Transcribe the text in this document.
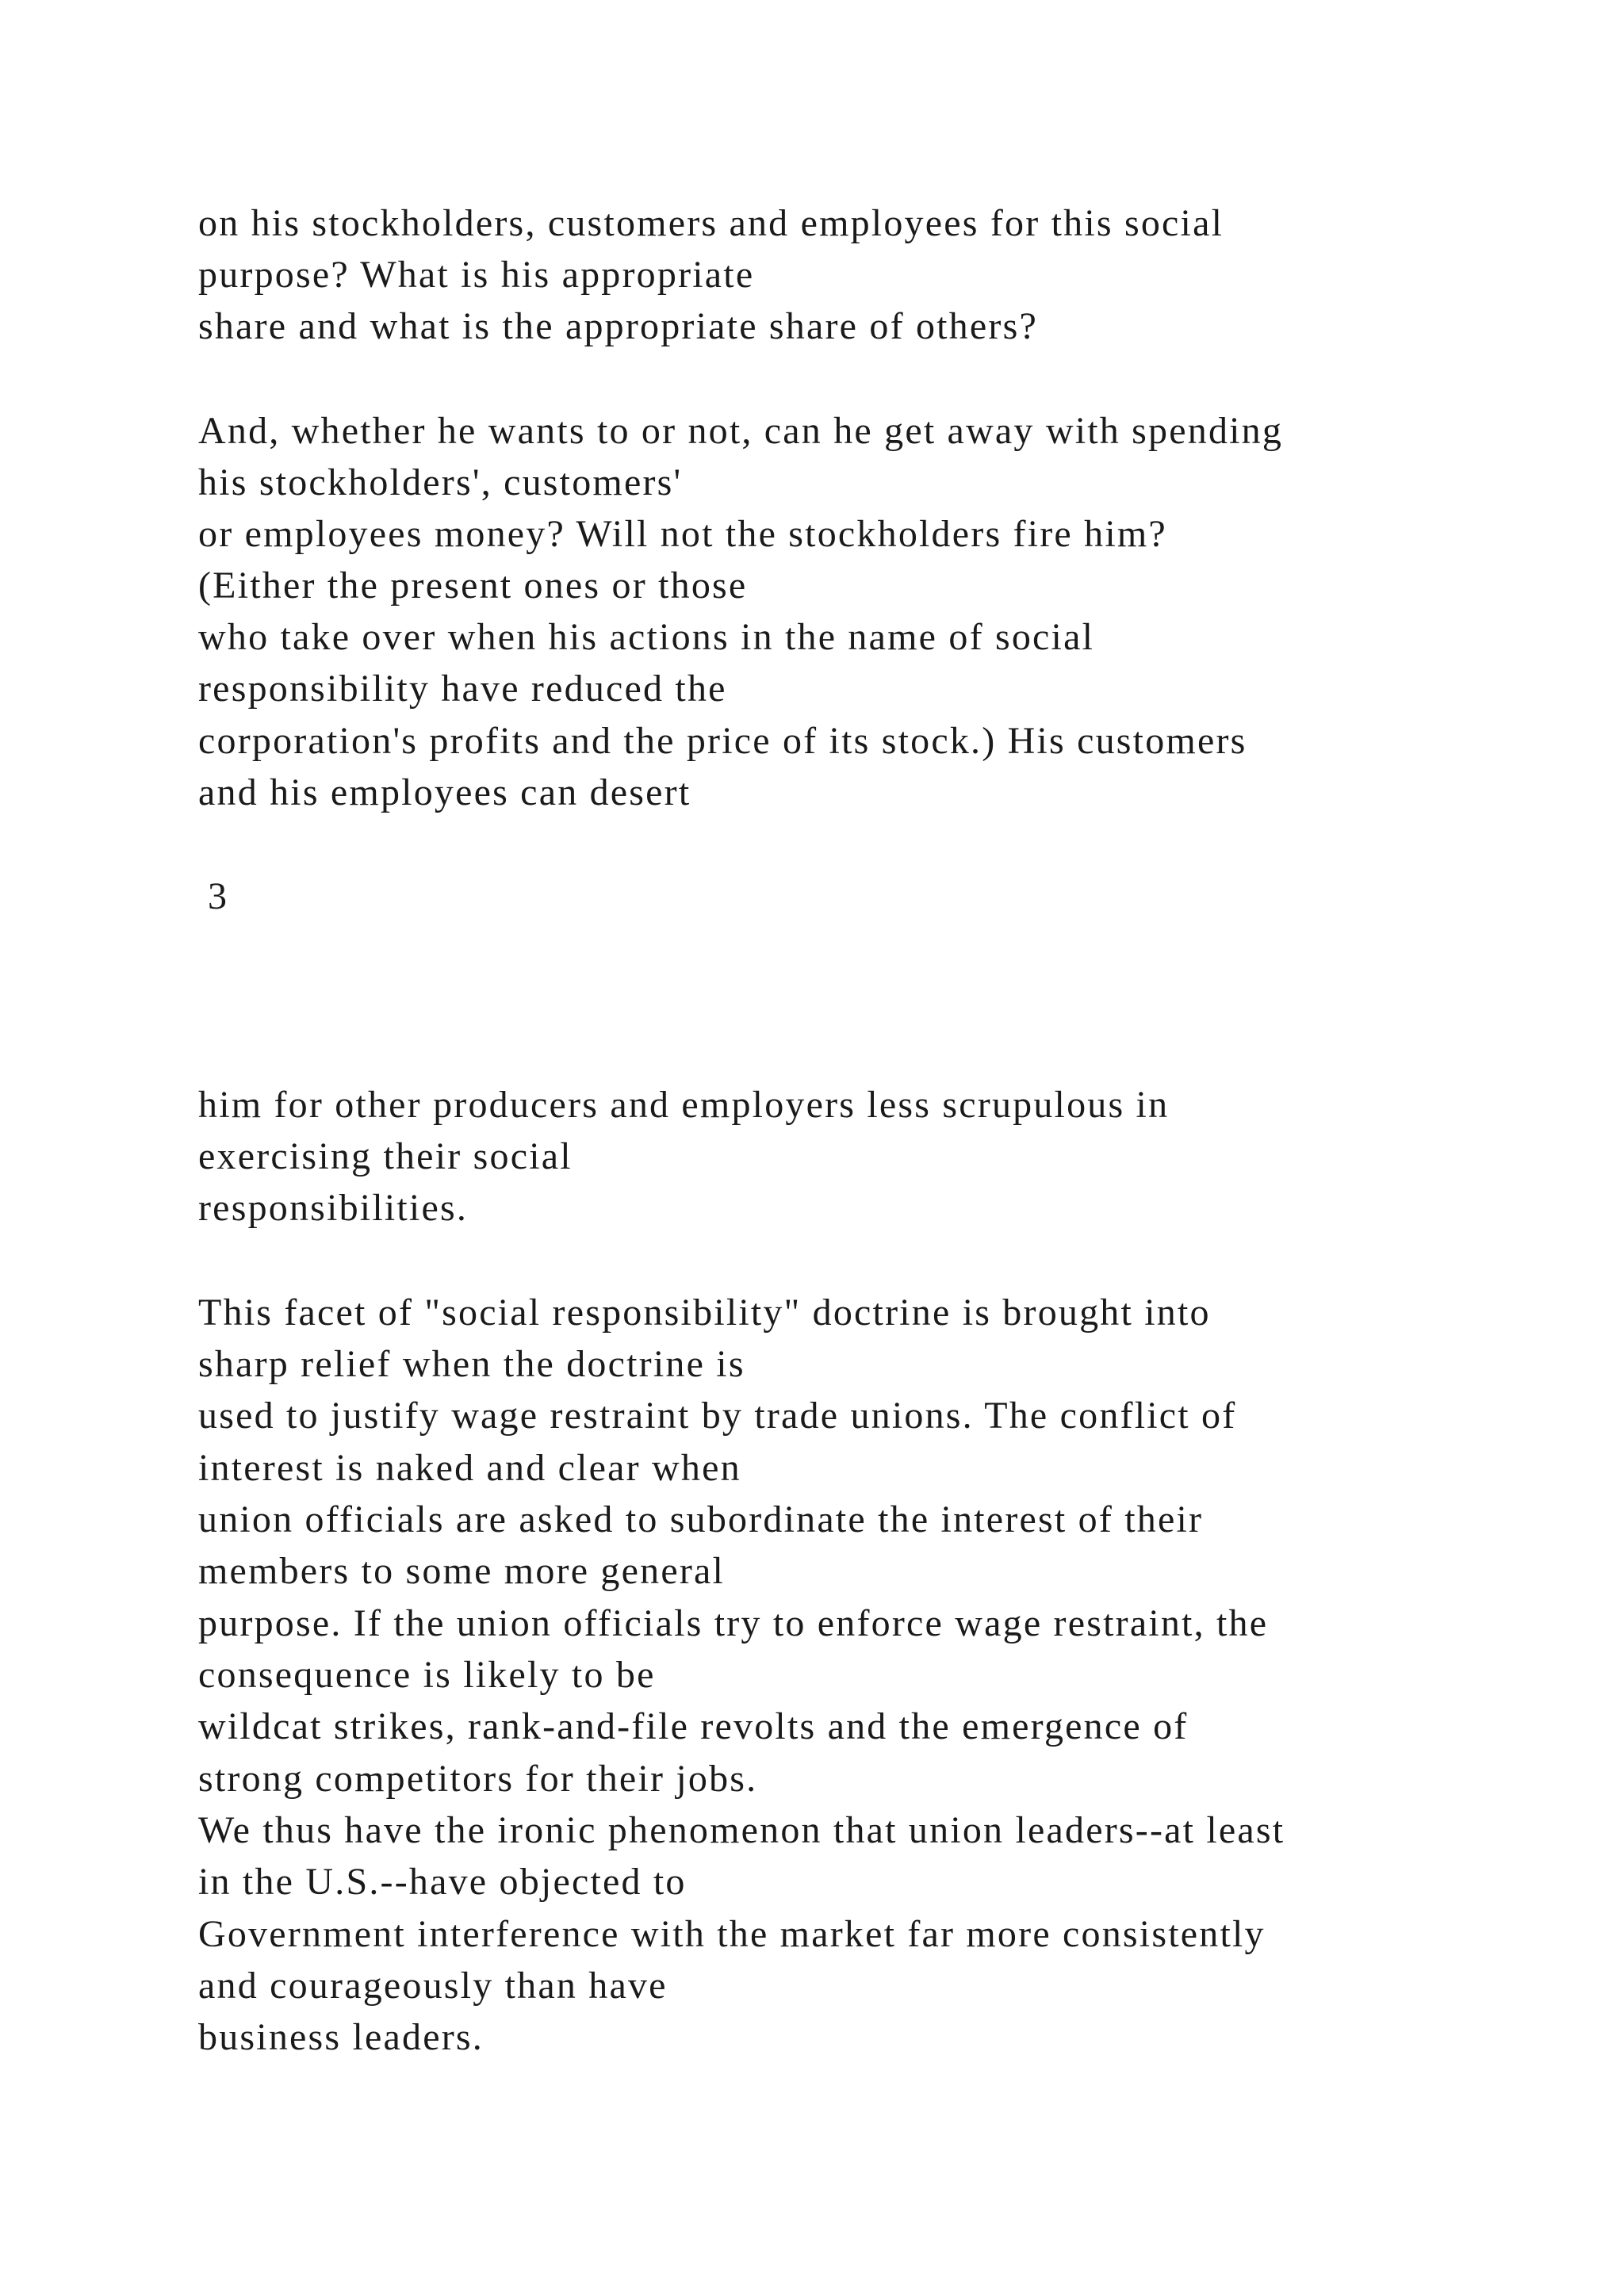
on his stockholders, customers and employees for this social
purpose? What is his appropriate
share and what is the appropriate share of others?
And, whether he wants to or not, can he get away with spending
his stockholders', customers'
or employees money? Will not the stockholders fire him?
(Either the present ones or those
who take over when his actions in the name of social
responsibility have reduced the
corporation's profits and the price of its stock.) His customers
and his employees can desert
3
him for other producers and employers less scrupulous in
exercising their social
responsibilities.
This facet of "social responsibility" doctrine is brought into
sharp relief when the doctrine is
used to justify wage restraint by trade unions. The conflict of
interest is naked and clear when
union officials are asked to subordinate the interest of their
members to some more general
purpose. If the union officials try to enforce wage restraint, the
consequence is likely to be
wildcat strikes, rank-and-file revolts and the emergence of
strong competitors for their jobs.
We thus have the ironic phenomenon that union leaders--at least
in the U.S.--have objected to
Government interference with the market far more consistently
and courageously than have
business leaders.
